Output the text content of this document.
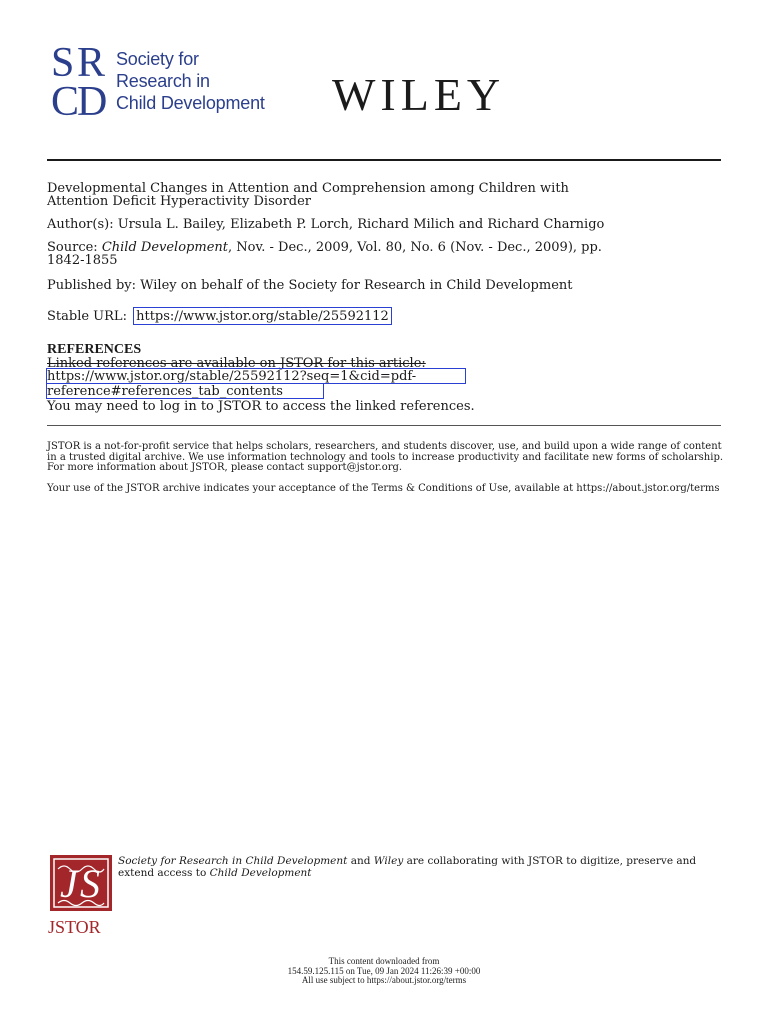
S R
C
D
Society for
Research in
Child Development WILEY
Developmental Changes in Attention and Comprehension among Children with
Attention Deficit Hyperactivity Disorder
Author(s): Ursula L. Bailey, Elizabeth P. Lorch, Richard Milich and Richard Charnigo
Source: Child Development, Nov. - Dec., 2009, Vol. 80, No. 6 (Nov. - Dec., 2009), pp.
1842-1855
Published by: Wiley on behalf of the Society for Research in Child Development
Stable URL: https://www.jstor.org/stable/25592112
REFERENCES
Linked references are available on JSTOR for this article:
https://www.jstor.org/stable/25592112?seq=1&cid=pdf-
reference#references_tab_contents
You may need to log in to JSTOR to access the linked references.
JSTOR is a not-for-profit service that helps scholars, researchers, and students discover, use, and build upon a wide range of content in a trusted digital archive. We use information technology and tools to increase productivity and facilitate new forms of scholarship. For more information about JSTOR, please contact support@jstor.org.
Your use of the JSTOR archive indicates your acceptance of the Terms & Conditions of Use, available at https://about.jstor.org/terms
J S
JSTOR
Society for Research in Child Development and Wiley are collaborating with JSTOR to digitize, preserve and extend access to Child Development
This content downloaded from
154.59.125.115 on Tue, 09 Jan 2024 11:26:39 +00:00
All use subject to https://about.jstor.org/terms
